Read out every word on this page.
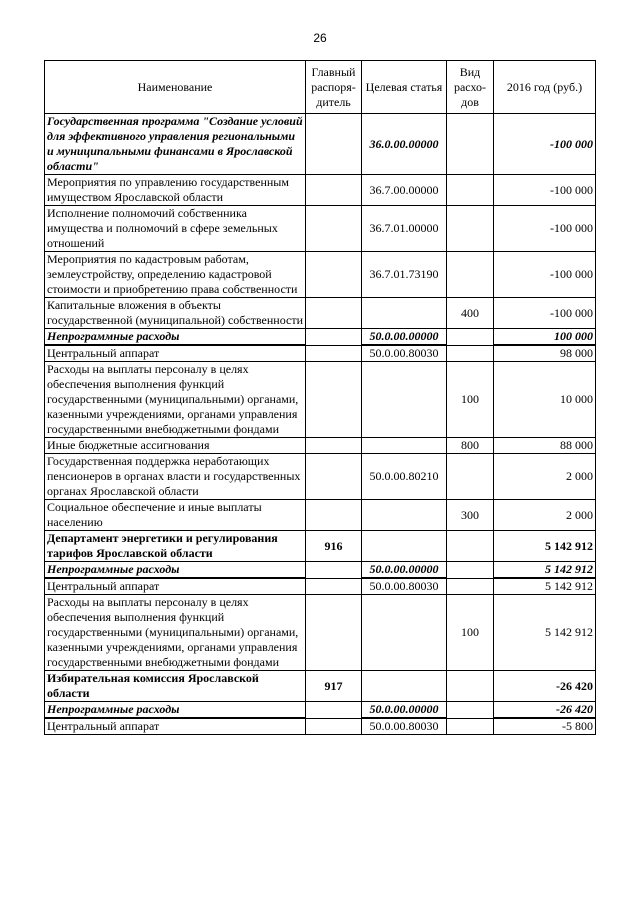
26
Наименование	Главный распоря-дитель	Целевая статья	Вид расхо-дов	2016 год (руб.)
Государственная программа "Создание условий для эффективного управления региональными и муниципальными финансами в Ярославской области"		36.0.00.00000		-100 000
Мероприятия по управлению государственным имуществом Ярославской области		36.7.00.00000		-100 000
Исполнение полномочий собственника имущества и полномочий в сфере земельных отношений		36.7.01.00000		-100 000
Мероприятия по кадастровым работам, землеустройству, определению кадастровой стоимости и приобретению права собственности		36.7.01.73190		-100 000
Капитальные вложения в объекты государственной (муниципальной) собственности			400	-100 000
Непрограммные расходы		50.0.00.00000		100 000
Центральный аппарат		50.0.00.80030		98 000
Расходы на выплаты персоналу в целях обеспечения выполнения функций государственными (муниципальными) органами, казенными учреждениями, органами управления государственными внебюджетными фондами			100	10 000
Иные бюджетные ассигнования			800	88 000
Государственная поддержка неработающих пенсионеров в органах власти и государственных органах Ярославской области		50.0.00.80210		2 000
Социальное обеспечение и иные выплаты населению			300	2 000
Департамент энергетики и регулирования тарифов Ярославской области	916			5 142 912
Непрограммные расходы		50.0.00.00000		5 142 912
Центральный аппарат		50.0.00.80030		5 142 912
Расходы на выплаты персоналу в целях обеспечения выполнения функций государственными (муниципальными) органами, казенными учреждениями, органами управления государственными внебюджетными фондами			100	5 142 912
Избирательная комиссия Ярославской области	917			-26 420
Непрограммные расходы		50.0.00.00000		-26 420
Центральный аппарат		50.0.00.80030		-5 800
